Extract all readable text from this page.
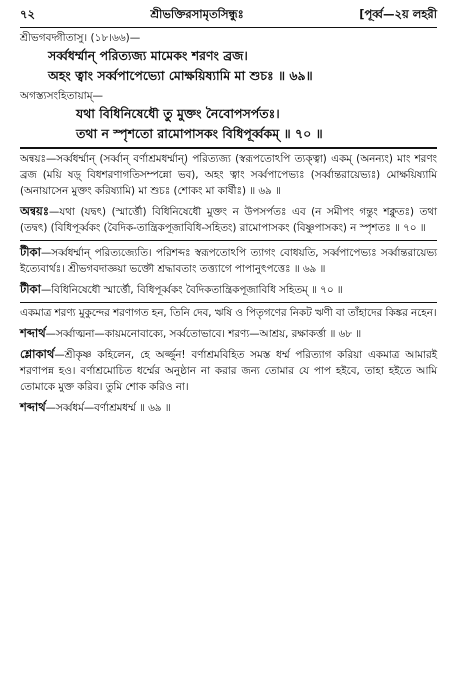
৭২	শ্রীভক্তিরসামৃতসিন্ধুঃ	[পূর্ব্ব—২য় লহরী
শ্রীভগবদ্গীতাসু। (১৮।৬৬)—
সর্ব্বধর্ম্মান্ পরিত্যজ্য মামেকং শরণং ব্রজ।
অহং ত্বাং সর্ব্বপাপেভ্যো মোক্ষয়িষ্যামি মা শুচঃ ॥ ৬৯॥
অগস্ত্যসংহিতায়াম্—
যথা বিধিনিষেধৌ তু মুক্তং নৈবোপসর্পতঃ।
তথা ন স্পৃশতো রামোপাসকং বিধিপূর্ব্বকম্ ॥ ৭০ ॥
অন্বয়ঃ—সর্ব্বধর্ম্মান্ (সর্ব্বান্ বর্ণাশ্রমধর্ম্মান্) পরিত্যজ্য (স্বরূপতোঽপি ত্যক্ত্বা) একম্ (অনন্যং) মাং শরণং ব্রজ (ময়ি ষড়্ বিধশরণাগতিসম্পন্নো ভব), অহং ত্বাং সর্ব্বপাপেভ্যঃ (সর্ব্বান্তরায়েভ্যঃ) মোক্ষয়িষ্যামি (অনায়াসেন মুক্তং করিষ্যামি) মা শুচঃ (শোকং মা কার্ষীঃ) ॥ ৬৯ ॥
অন্বয়ঃ—যথা (যদ্বৎ) (স্মার্ত্তৌ) বিধিনিষেধৌ মুক্তং ন উপসর্পতঃ এব (ন সমীপং গন্তুং শক্নুতঃ) তথা (তদ্বৎ) (বিধিপূর্ব্বকং (বৈদিক-তান্ত্রিকপূজাবিধি-সহিতং) রামোপাসকং (বিষ্ণুপাসকং) ন স্পৃশতঃ ॥ ৭০ ॥
টীকা—সর্ব্বধর্ম্মান্ পরিত্যজ্যেতি। পরিশব্দঃ স্বরূপতোঽপি ত্যাগং বোধয়তি, সর্ব্বপাপেভ্যঃ সর্ব্বান্তরায়েভ্য ইত্যেবার্থঃ। শ্রীভগবদাজ্ঞয়া ভক্তৌ শ্রদ্ধাবতাং তত্ত্যাগে পাপানুৎপত্তেঃ ॥ ৬৯ ॥
টীকা—বিধিনিষেধৌ স্মার্ত্তৌ, বিধিপূর্ব্বকং বৈদিকতান্ত্রিকপূজাবিধি সহিতম্ ॥ ৭০ ॥
একমাত্র শরণ্য মুকুন্দের শরণাগত হন, তিনি দেব, ঋষি ও পিতৃগণের নিকট ঋণী বা তাঁহাদের কিঙ্কর নহেন।
শব্দার্থ—সর্ব্বাত্মনা—কায়মনোবাক্যে, সর্ব্বতোভাবে। শরণ্য—আশ্রয়, রক্ষাকর্ত্তা ॥ ৬৮ ॥
শ্লোকার্থ—শ্রীকৃষ্ণ কহিলেন, হে অর্জ্জুন! বর্ণাশ্রমবিহিত সমস্ত ধর্ম্ম পরিত্যাগ করিয়া একমাত্র আমারই শরণাপন্ন হও। বর্ণাশ্রমোচিত ধর্ম্মের অনুষ্ঠান না করার জন্য তোমার যে পাপ হইবে, তাহা হইতে আমি তোমাকে মুক্ত করিব। তুমি শোক করিও না।
শব্দার্থ—সর্ব্বধর্ম—বর্ণাশ্রমধর্ম্ম ॥ ৬৯ ॥
